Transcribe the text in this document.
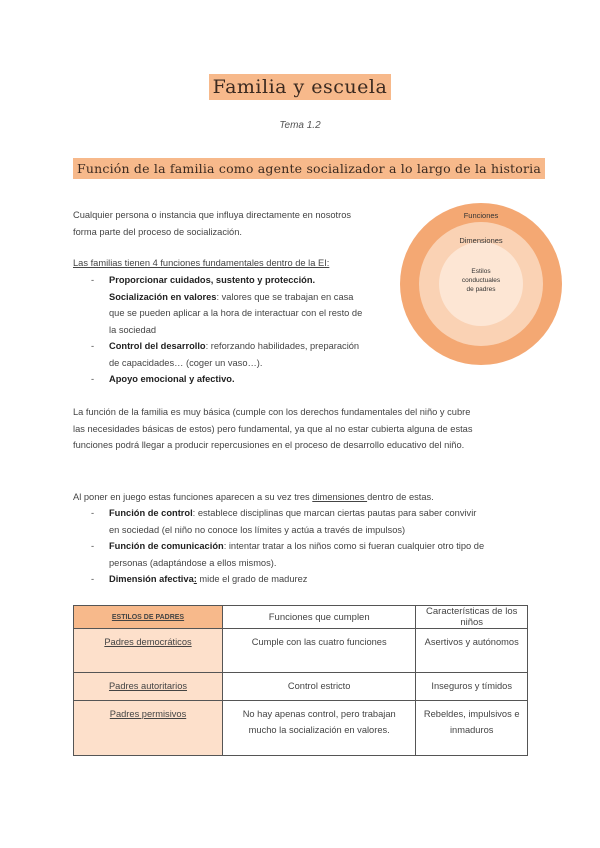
Familia y escuela
Tema 1.2
Función de la familia como agente socializador a lo largo de la historia
Cualquier persona o instancia que influya directamente en nosotros
forma parte del proceso de socialización.
Las familias tienen 4 funciones fundamentales dentro de la EI:
- Proporcionar cuidados, sustento y protección.
Socialización en valores: valores que se trabajan en casa
que se pueden aplicar a la hora de interactuar con el resto de
la sociedad
- Control del desarrollo: reforzando habilidades, preparación
de capacidades… (coger un vaso…).
- Apoyo emocional y afectivo.
Funciones
Dimensiones
Estilos
conductuales
de padres
La función de la familia es muy básica (cumple con los derechos fundamentales del niño y cubre
las necesidades básicas de estos) pero fundamental, ya que al no estar cubierta alguna de estas
funciones podrá llegar a producir repercusiones en el proceso de desarrollo educativo del niño.
Al poner en juego estas funciones aparecen a su vez tres dimensiones dentro de estas.
- Función de control: establece disciplinas que marcan ciertas pautas para saber convivir
en sociedad (el niño no conoce los límites y actúa a través de impulsos)
- Función de comunicación: intentar tratar a los niños como si fueran cualquier otro tipo de
personas (adaptándose a ellos mismos).
- Dimensión afectiva: mide el grado de madurez
ESTILOS DE PADRES	Funciones que cumplen	Características de los niños
Padres democráticos	Cumple con las cuatro funciones	Asertivos y autónomos
Padres autoritarios	Control estricto	Inseguros y tímidos
Padres permisivos	No hay apenas control, pero trabajan mucho la socialización en valores.	Rebeldes, impulsivos e inmaduros
